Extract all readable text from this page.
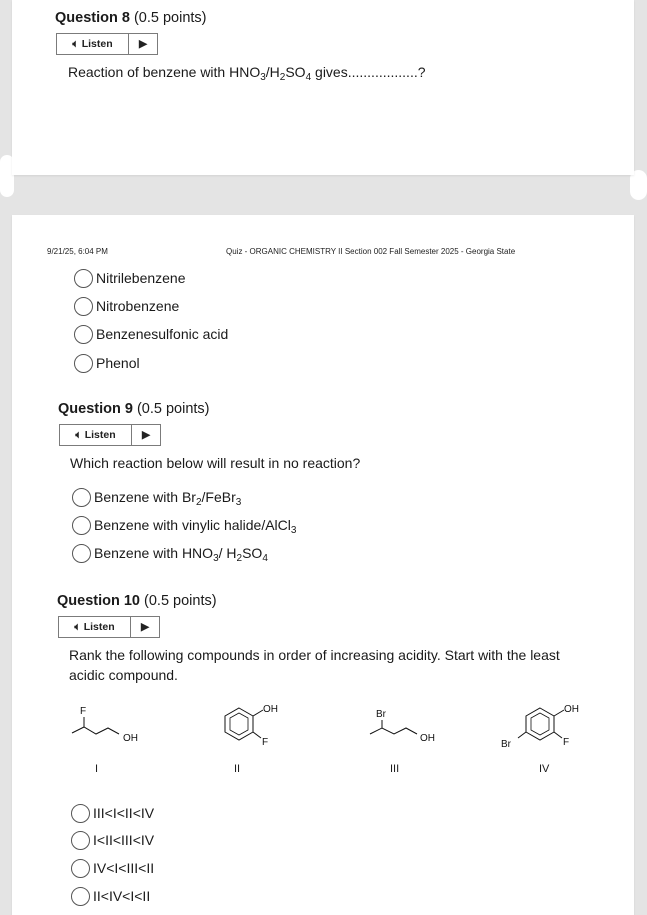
Question 8 (0.5 points)
🔈︎ Listen	▶
Reaction of benzene with $HNO_3/H_2SO_4$ gives..................?
9/21/25, 6:04 PM	Quiz - ORGANIC CHEMISTRY II Section 002 Fall Semester 2025 - Georgia State
Nitrilebenzene
Nitrobenzene
Benzenesulfonic acid
Phenol
Question 9 (0.5 points)
🔈︎ Listen	▶
Which reaction below will result in no reaction?
Benzene with $Br_2/FeBr_3$
Benzene with vinylic halide/AlCl$_3$
Benzene with $HNO_3/$ $H_2SO_4$
Question 10 (0.5 points)
🔈︎ Listen	▶
Rank the following compounds in order of increasing acidity. Start with the least
acidic compound.
F
OH
I
OH
F
II
Br
OH
III
OH
Br	F
IV
III<I<II<IV
I<II<III<IV
IV<I<III<II
II<IV<I<II
